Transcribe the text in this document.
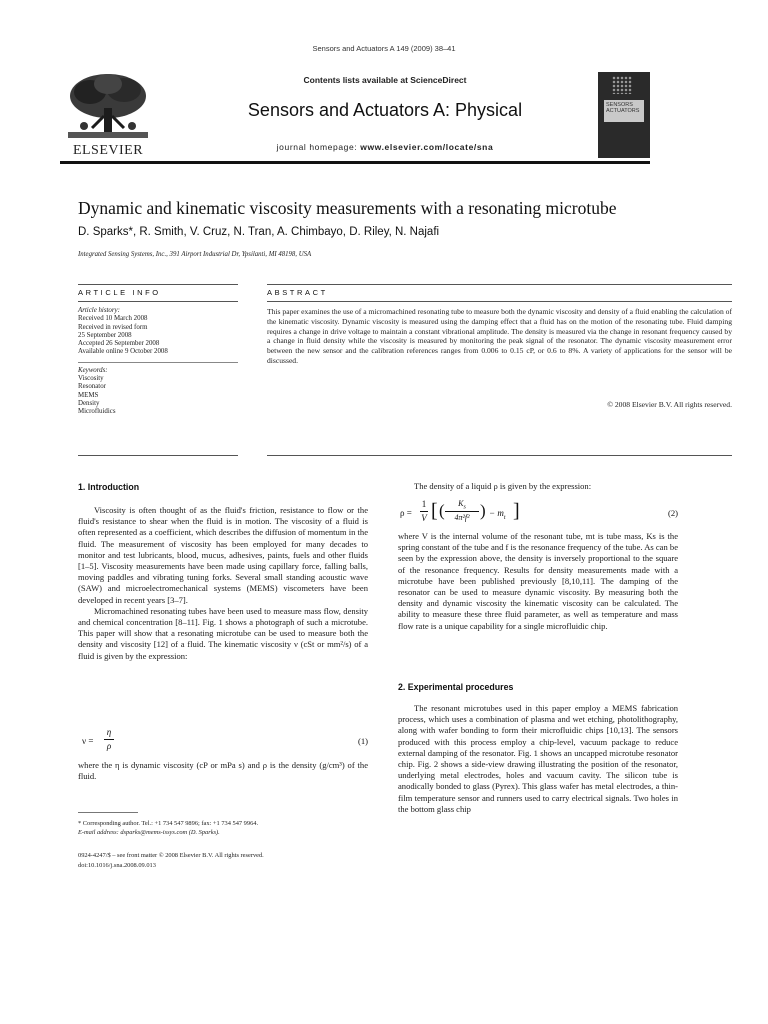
Sensors and Actuators A 149 (2009) 38–41
ELSEVIER
Contents lists available at ScienceDirect
Sensors and Actuators A: Physical
journal homepage: www.elsevier.com/locate/sna
SENSORS ACTUATORS
Dynamic and kinematic viscosity measurements with a resonating microtube
D. Sparks*, R. Smith, V. Cruz, N. Tran, A. Chimbayo, D. Riley, N. Najafi
Integrated Sensing Systems, Inc., 391 Airport Industrial Dr, Ypsilanti, MI 48198, USA
ARTICLE INFO	ABSTRACT
Article history:
Received 10 March 2008
Received in revised form
25 September 2008
Accepted 26 September 2008
Available online 9 October 2008
Keywords:
Viscosity
Resonator
MEMS
Density
Microfluidics
This paper examines the use of a micromachined resonating tube to measure both the dynamic viscosity and density of a fluid enabling the calculation of the kinematic viscosity. Dynamic viscosity is measured using the damping effect that a fluid has on the motion of the resonating tube. Fluid damping requires a change in drive voltage to maintain a constant vibrational amplitude. The density is measured via the change in resonant frequency caused by a change in fluid density while the viscosity is measured by monitoring the peak signal of the resonator. The dynamic viscosity measurement error between the new sensor and the calibration references ranges from 0.006 to 0.15 cP, or 0.6 to 8%. A variety of applications for the sensor will be discussed.
© 2008 Elsevier B.V. All rights reserved.
1. Introduction

Viscosity is often thought of as the fluid's friction, resistance to flow or the fluid's resistance to shear when the fluid is in motion. The viscosity of a fluid is often represented as a coefficient, which describes the diffusion of momentum in the fluid. The measurement of viscosity has been employed for many decades to monitor and test lubricants, blood, mucus, adhesives, paints, fuels and other fluids [1–5]. Viscosity measurements have been made using capillary force, falling balls, moving paddles and vibrating tuning forks. Several small standing acoustic wave (SAW) and microelectromechanical systems (MEMS) viscometers have been developed in recent years [3–7].

Micromachined resonating tubes have been used to measure mass flow, density and chemical concentration [8–11]. Fig. 1 shows a photograph of such a microtube. This paper will show that a resonating microtube can be used to measure both the density and viscosity [12] of a fluid. The kinematic viscosity ν (cSt or mm²/s) of a fluid is given by the expression:

ν =
η
ρ	(1)

where the η is dynamic viscosity (cP or mPa s) and ρ is the density (g/cm³) of the fluid.

* Corresponding author. Tel.: +1 734 547 9896; fax: +1 734 547 9964.
E-mail address: dsparks@mems-issys.com (D. Sparks).
0924-4247/$ – see front matter © 2008 Elsevier B.V. All rights reserved.
doi:10.1016/j.sna.2008.09.013
The density of a liquid ρ is given by the expression:
ρ =
1
V [ (	$K_s$
4π²f² ) − $m_t$ ]	(2)

where V is the internal volume of the resonant tube, mt is tube mass, Ks is the spring constant of the tube and f is the resonance frequency of the tube. As can be seen by the expression above, the density is inversely proportional to the square of the resonance frequency. Results for density measurements made with a microtube have been published previously [8,10,11]. The damping of the resonator can be used to measure dynamic viscosity. By measuring both the density and dynamic viscosity the kinematic viscosity can be calculated. The ability to measure these three fluid parameter, as well as temperature and mass flow rate is a unique capability for a single microfluidic chip.

2. Experimental procedures

The resonant microtubes used in this paper employ a MEMS fabrication process, which uses a combination of plasma and wet etching, photolithography, along with wafer bonding to form their microfluidic chips [10,13]. The sensors produced with this process employ a chip-level, vacuum package to reduce external damping of the resonator. Fig. 1 shows an uncapped microtube resonator chip. Fig. 2 shows a side-view drawing illustrating the position of the resonator, underlying metal electrodes, holes and vacuum cavity. The silicon tube is anodically bonded to glass (Pyrex). This glass wafer has metal electrodes, a thin-film temperature sensor and runners used to carry electrical signals. Two holes in the bottom glass chip
